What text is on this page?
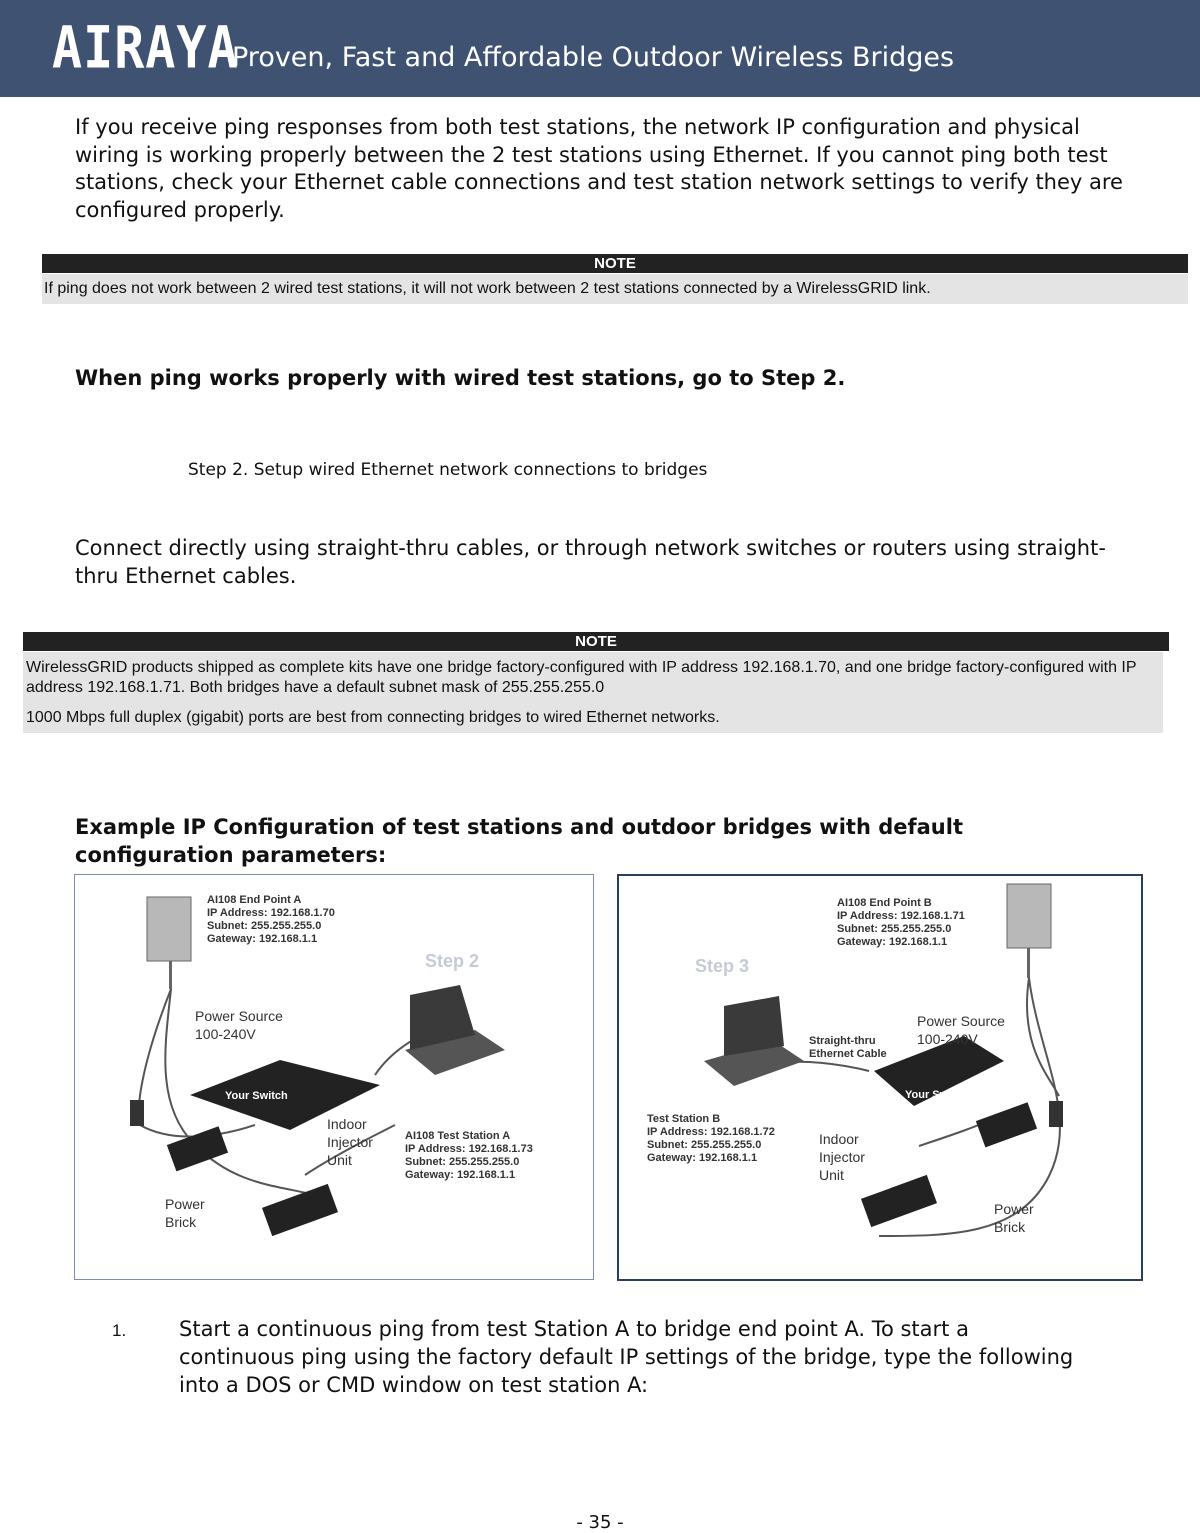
AIRAYA
Proven, Fast and Affordable Outdoor Wireless Bridges
If you receive ping responses from both test stations, the network IP configuration and physical wiring is working properly between the 2 test stations using Ethernet. If you cannot ping both test stations, check your Ethernet cable connections and test station network settings to verify they are configured properly.
NOTE

If ping does not work between 2 wired test stations, it will not work between 2 test stations connected by a WirelessGRID link.

When ping works properly with wired test stations, go to Step 2.
Step 2. Setup wired Ethernet network connections to bridges
Connect directly using straight-thru cables, or through network switches or routers using straight-thru Ethernet cables.
NOTE

WirelessGRID products shipped as complete kits have one bridge factory-configured with IP address 192.168.1.70, and one bridge factory-configured with IP address 192.168.1.71. Both bridges have a default subnet mask of 255.255.255.0

1000 Mbps full duplex (gigabit) ports are best from connecting bridges to wired Ethernet networks.

Example IP Configuration of test stations and outdoor bridges with default configuration parameters:
AI108 End Point A
IP Address: 192.168.1.70
Subnet: 255.255.255.0
Gateway: 192.168.1.1
Step 2
Power Source
100-240V
Your Switch
Indoor
Injector
Unit
AI108 Test Station A
IP Address: 192.168.1.73
Subnet: 255.255.255.0
Gateway: 192.168.1.1
Power
Brick
AI108 End Point B
IP Address: 192.168.1.71
Subnet: 255.255.255.0
Gateway: 192.168.1.1
Step 3
Power Source
100-240V
Straight-thru
Ethernet Cable
Your Switch
Test Station B
IP Address: 192.168.1.72
Subnet: 255.255.255.0
Gateway: 192.168.1.1
Indoor
Injector
Unit
Power
Brick
1.	Start a continuous ping from test Station A to bridge end point A. To start a continuous ping using the factory default IP settings of the bridge, type the following into a DOS or CMD window on test station A:
- 35 -
